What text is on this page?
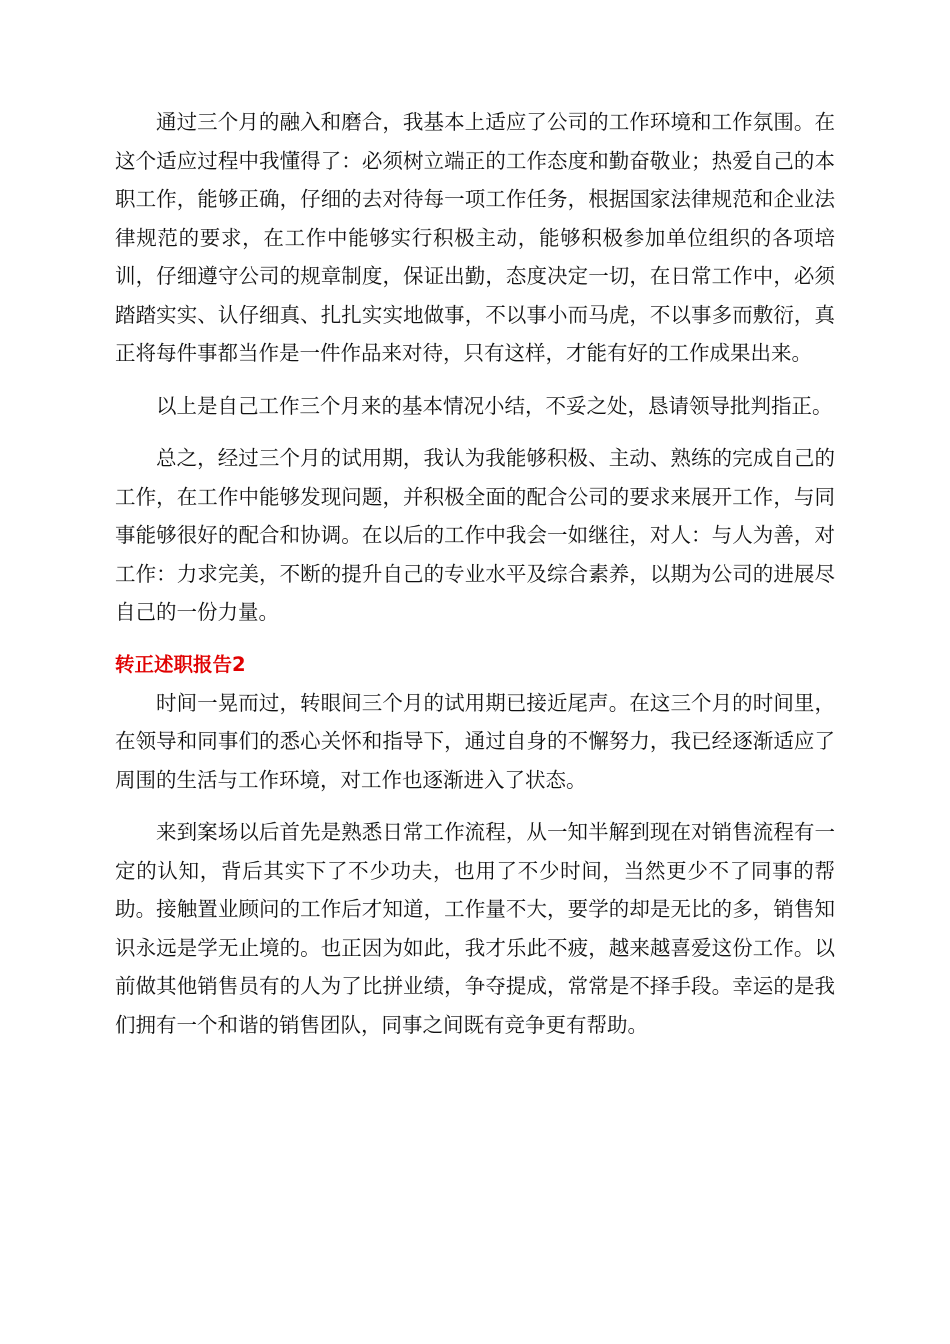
通过三个月的融入和磨合，我基本上适应了公司的工作环境和工作氛围。在这个适应过程中我懂得了：必须树立端正的工作态度和勤奋敬业；热爱自己的本职工作，能够正确，仔细的去对待每一项工作任务，根据国家法律规范和企业法律规范的要求，在工作中能够实行积极主动，能够积极参加单位组织的各项培训，仔细遵守公司的规章制度，保证出勤，态度决定一切，在日常工作中，必须踏踏实实、认仔细真、扎扎实实地做事，不以事小而马虎，不以事多而敷衍，真正将每件事都当作是一件作品来对待，只有这样，才能有好的工作成果出来。

以上是自己工作三个月来的基本情况小结，不妥之处，恳请领导批判指正。

总之，经过三个月的试用期，我认为我能够积极、主动、熟练的完成自己的工作，在工作中能够发现问题，并积极全面的配合公司的要求来展开工作，与同事能够很好的配合和协调。在以后的工作中我会一如继往，对人：与人为善，对工作：力求完美，不断的提升自己的专业水平及综合素养，以期为公司的进展尽自己的一份力量。

转正述职报告2

时间一晃而过，转眼间三个月的试用期已接近尾声。在这三个月的时间里，在领导和同事们的悉心关怀和指导下，通过自身的不懈努力，我已经逐渐适应了周围的生活与工作环境，对工作也逐渐进入了状态。

来到案场以后首先是熟悉日常工作流程，从一知半解到现在对销售流程有一定的认知，背后其实下了不少功夫，也用了不少时间，当然更少不了同事的帮助。接触置业顾问的工作后才知道，工作量不大，要学的却是无比的多，销售知识永远是学无止境的。也正因为如此，我才乐此不疲，越来越喜爱这份工作。以前做其他销售员有的人为了比拼业绩，争夺提成，常常是不择手段。幸运的是我们拥有一个和谐的销售团队，同事之间既有竞争更有帮助。
